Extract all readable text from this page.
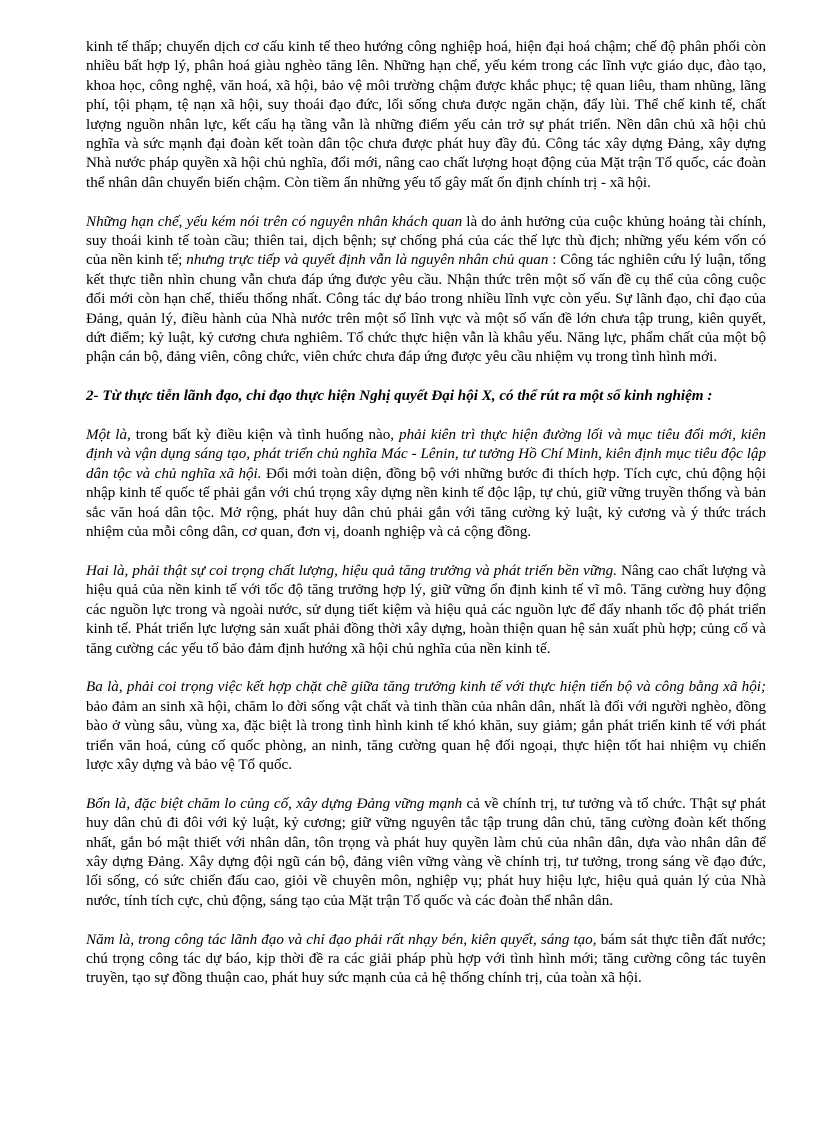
kinh tế thấp; chuyển dịch cơ cấu kinh tế theo hướng công nghiệp hoá, hiện đại hoá chậm; chế độ phân phối còn nhiều bất hợp lý, phân hoá giàu nghèo tăng lên. Những hạn chế, yếu kém trong các lĩnh vực giáo dục, đào tạo, khoa học, công nghệ, văn hoá, xã hội, bảo vệ môi trường chậm được khắc phục; tệ quan liêu, tham nhũng, lãng phí, tội phạm, tệ nạn xã hội, suy thoái đạo đức, lối sống chưa được ngăn chặn, đẩy lùi. Thể chế kinh tế, chất lượng nguồn nhân lực, kết cấu hạ tầng vẫn là những điểm yếu cản trở sự phát triển. Nền dân chủ xã hội chủ nghĩa và sức mạnh đại đoàn kết toàn dân tộc chưa được phát huy đầy đủ. Công tác xây dựng Đảng, xây dựng Nhà nước pháp quyền xã hội chủ nghĩa, đổi mới, nâng cao chất lượng hoạt động của Mặt trận Tổ quốc, các đoàn thể nhân dân chuyển biến chậm. Còn tiềm ẩn những yếu tố gây mất ổn định chính trị - xã hội.

Những hạn chế, yếu kém nói trên có nguyên nhân khách quan là do ảnh hưởng của cuộc khủng hoảng tài chính, suy thoái kinh tế toàn cầu; thiên tai, dịch bệnh; sự chống phá của các thế lực thù địch; những yếu kém vốn có của nền kinh tế; nhưng trực tiếp và quyết định vẫn là nguyên nhân chủ quan : Công tác nghiên cứu lý luận, tổng kết thực tiễn nhìn chung vẫn chưa đáp ứng được yêu cầu. Nhận thức trên một số vấn đề cụ thể của công cuộc đổi mới còn hạn chế, thiếu thống nhất. Công tác dự báo trong nhiều lĩnh vực còn yếu. Sự lãnh đạo, chỉ đạo của Đảng, quản lý, điều hành của Nhà nước trên một số lĩnh vực và một số vấn đề lớn chưa tập trung, kiên quyết, dứt điểm; kỷ luật, kỷ cương chưa nghiêm. Tổ chức thực hiện vẫn là khâu yếu. Năng lực, phẩm chất của một bộ phận cán bộ, đảng viên, công chức, viên chức chưa đáp ứng được yêu cầu nhiệm vụ trong tình hình mới.

2- Từ thực tiễn lãnh đạo, chỉ đạo thực hiện Nghị quyết Đại hội X, có thể rút ra một số kinh nghiệm :

Một là, trong bất kỳ điều kiện và tình huống nào, phải kiên trì thực hiện đường lối và mục tiêu đổi mới, kiên định và vận dụng sáng tạo, phát triển chủ nghĩa Mác - Lênin, tư tưởng Hồ Chí Minh, kiên định mục tiêu độc lập dân tộc và chủ nghĩa xã hội. Đổi mới toàn diện, đồng bộ với những bước đi thích hợp. Tích cực, chủ động hội nhập kinh tế quốc tế phải gắn với chú trọng xây dựng nền kinh tế độc lập, tự chủ, giữ vững truyền thống và bản sắc văn hoá dân tộc. Mở rộng, phát huy dân chủ phải gắn với tăng cường kỷ luật, kỷ cương và ý thức trách nhiệm của mỗi công dân, cơ quan, đơn vị, doanh nghiệp và cả cộng đồng.

Hai là, phải thật sự coi trọng chất lượng, hiệu quả tăng trưởng và phát triển bền vững. Nâng cao chất lượng và hiệu quả của nền kinh tế với tốc độ tăng trưởng hợp lý, giữ vững ổn định kinh tế vĩ mô. Tăng cường huy động các nguồn lực trong và ngoài nước, sử dụng tiết kiệm và hiệu quả các nguồn lực để đẩy nhanh tốc độ phát triển kinh tế. Phát triển lực lượng sản xuất phải đồng thời xây dựng, hoàn thiện quan hệ sản xuất phù hợp; củng cố và tăng cường các yếu tố bảo đảm định hướng xã hội chủ nghĩa của nền kinh tế.

Ba là, phải coi trọng việc kết hợp chặt chẽ giữa tăng trưởng kinh tế với thực hiện tiến bộ và công bằng xã hội; bảo đảm an sinh xã hội, chăm lo đời sống vật chất và tinh thần của nhân dân, nhất là đối với người nghèo, đồng bào ở vùng sâu, vùng xa, đặc biệt là trong tình hình kinh tế khó khăn, suy giảm; gắn phát triển kinh tế với phát triển văn hoá, củng cố quốc phòng, an ninh, tăng cường quan hệ đối ngoại, thực hiện tốt hai nhiệm vụ chiến lược xây dựng và bảo vệ Tổ quốc.

Bốn là, đặc biệt chăm lo củng cố, xây dựng Đảng vững mạnh cả về chính trị, tư tưởng và tổ chức. Thật sự phát huy dân chủ đi đôi với kỷ luật, kỷ cương; giữ vững nguyên tắc tập trung dân chủ, tăng cường đoàn kết thống nhất, gắn bó mật thiết với nhân dân, tôn trọng và phát huy quyền làm chủ của nhân dân, dựa vào nhân dân để xây dựng Đảng. Xây dựng đội ngũ cán bộ, đảng viên vững vàng về chính trị, tư tưởng, trong sáng về đạo đức, lối sống, có sức chiến đấu cao, giỏi về chuyên môn, nghiệp vụ; phát huy hiệu lực, hiệu quả quản lý của Nhà nước, tính tích cực, chủ động, sáng tạo của Mặt trận Tổ quốc và các đoàn thể nhân dân.

Năm là, trong công tác lãnh đạo và chỉ đạo phải rất nhạy bén, kiên quyết, sáng tạo, bám sát thực tiễn đất nước; chú trọng công tác dự báo, kịp thời đề ra các giải pháp phù hợp với tình hình mới; tăng cường công tác tuyên truyền, tạo sự đồng thuận cao, phát huy sức mạnh của cả hệ thống chính trị, của toàn xã hội.
